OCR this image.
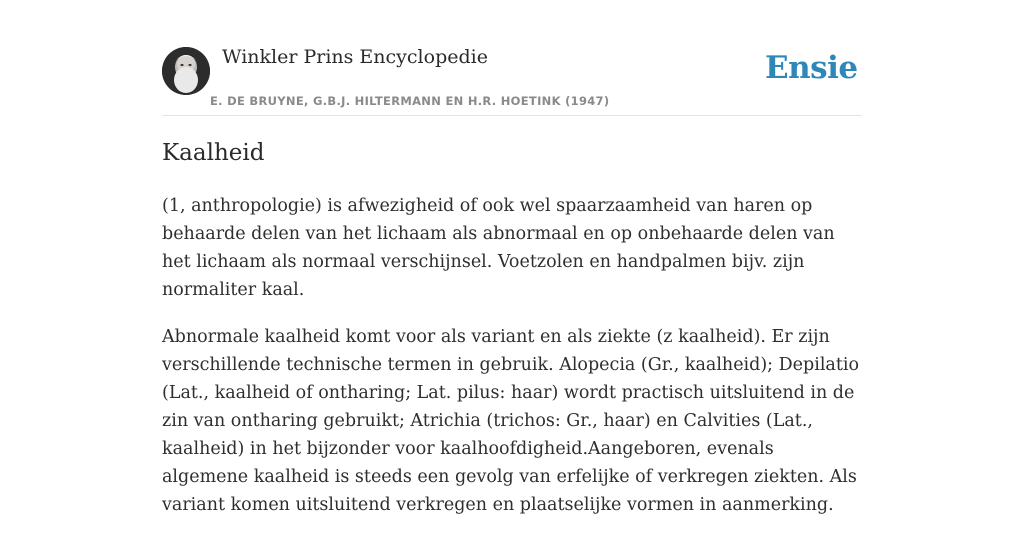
Winkler Prins Encyclopedie
E. DE BRUYNE, G.B.J. HILTERMANN EN H.R. HOETINK (1947)
Ensie
Kaalheid

(1, anthropologie) is afwezigheid of ook wel spaarzaamheid van haren op behaarde delen van het lichaam als abnormaal en op onbehaarde delen van het lichaam als normaal verschijnsel. Voetzolen en handpalmen bijv. zijn normaliter kaal.

Abnormale kaalheid komt voor als variant en als ziekte (z kaalheid). Er zijn verschillende technische termen in gebruik. Alopecia (Gr., kaalheid); Depilatio (Lat., kaalheid of ontharing; Lat. pilus: haar) wordt practisch uitsluitend in de zin van ontharing gebruikt; Atrichia (trichos: Gr., haar) en Calvities (Lat., kaalheid) in het bijzonder voor kaalhoofdigheid.Aangeboren, evenals algemene kaalheid is steeds een gevolg van erfelijke of verkregen ziekten. Als variant komen uitsluitend verkregen en plaatselijke vormen in aanmerking.
